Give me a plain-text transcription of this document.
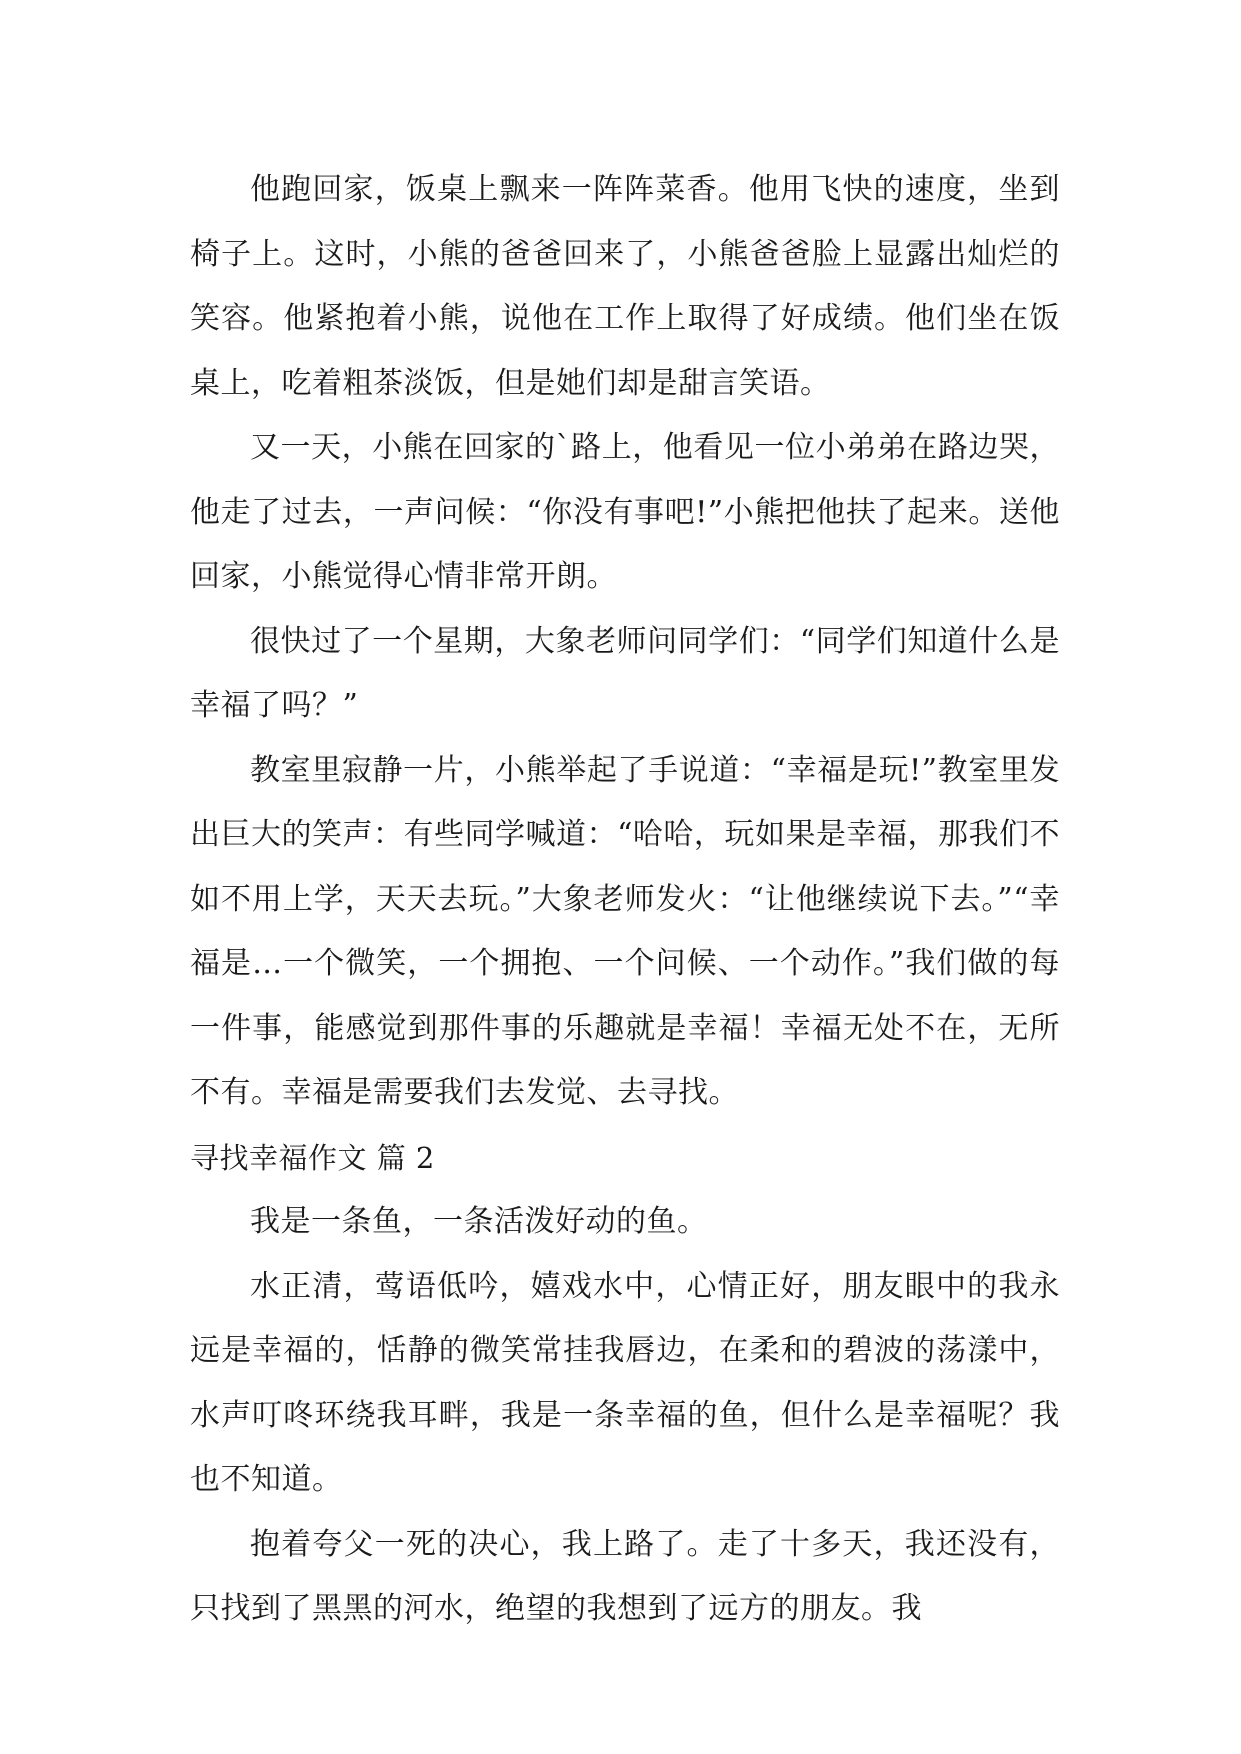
他跑回家，饭桌上飘来一阵阵菜香。他用飞快的速度，坐到椅子上。这时，小熊的爸爸回来了，小熊爸爸脸上显露出灿烂的笑容。他紧抱着小熊，说他在工作上取得了好成绩。他们坐在饭桌上，吃着粗茶淡饭，但是她们却是甜言笑语。

又一天，小熊在回家的`路上，他看见一位小弟弟在路边哭，他走了过去，一声问候：“你没有事吧!”小熊把他扶了起来。送他回家，小熊觉得心情非常开朗。

很快过了一个星期，大象老师问同学们：“同学们知道什么是幸福了吗？”

教室里寂静一片，小熊举起了手说道：“幸福是玩!”教室里发出巨大的笑声：有些同学喊道：“哈哈，玩如果是幸福，那我们不如不用上学，天天去玩。”大象老师发火：“让他继续说下去。”“幸福是…一个微笑，一个拥抱、一个问候、一个动作。”我们做的每一件事，能感觉到那件事的乐趣就是幸福！幸福无处不在，无所不有。幸福是需要我们去发觉、去寻找。

寻找幸福作文 篇 2

我是一条鱼，一条活泼好动的鱼。

水正清，莺语低吟，嬉戏水中，心情正好，朋友眼中的我永远是幸福的，恬静的微笑常挂我唇边，在柔和的碧波的荡漾中，水声叮咚环绕我耳畔，我是一条幸福的鱼，但什么是幸福呢？我也不知道。

抱着夸父一死的决心，我上路了。走了十多天，我还没有，只找到了黑黑的河水，绝望的我想到了远方的朋友。我
